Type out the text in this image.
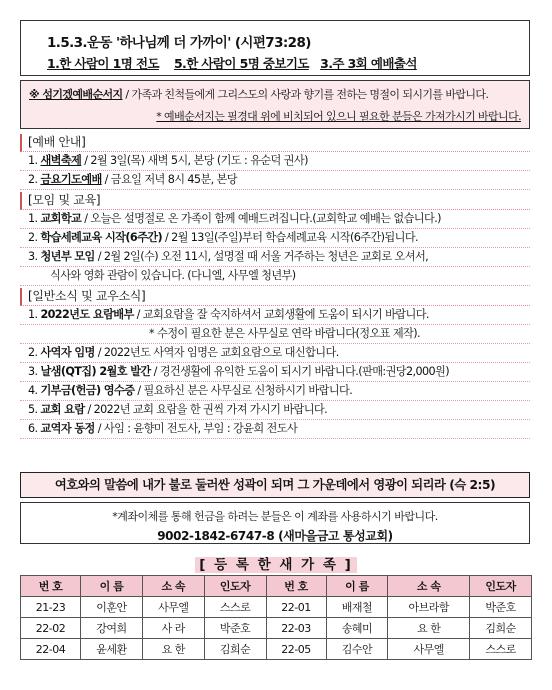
1.5.3.운동 '하나님께 더 가까이' (시편73:28)
1.한 사람이 1명 전도 5.한 사람이 5명 중보기도 3.주 3회 예배출석
※ 섬기겠예배순서지 / 가족과 친척들에게 그리스도의 사랑과 향기를 전하는 명절이 되시기를 바랍니다.
* 예배순서지는 필경대 위에 비치되어 있으니 필요한 분들은 가져가시기 바랍니다.
[예배 안내]
1. 새벽축제 / 2월 3일(목) 새벽 5시, 본당 (기도 : 유순덕 권사)
2. 금요기도예배 / 금요일 저녁 8시 45분, 본당
[모임 및 교육]
1. 교회학교 / 오늘은 설명절로 온 가족이 함께 예배드려집니다.(교회학교 예배는 없습니다.)
2. 학습세례교육 시작(6주간) / 2월 13일(주일)부터 학습세례교육 시작(6주간)됩니다.
3. 청년부 모임 / 2월 2일(수) 오전 11시, 설명절 때 서울 거주하는 청년은 교회로 오셔서,
식사와 영화 관람이 있습니다. (다니엘, 사무엘 청년부)
[일반소식 및 교우소식]
1. 2022년도 요람배부 / 교회요람을 잘 숙지하셔서 교회생활에 도움이 되시기 바랍니다.
* 수정이 필요한 분은 사무실로 연락 바랍니다(정오표 제작).
2. 사역자 임명 / 2022년도 사역자 임명은 교회요람으로 대신합니다.
3. 날샘(QT집) 2월호 발간 / 경건생활에 유익한 도움이 되시기 바랍니다.(판매:권당2,000원)
4. 기부금(헌금) 영수증 / 필요하신 분은 사무실로 신청하시기 바랍니다.
5. 교회 요람 / 2022년 교회 요람을 한 권씩 가져 가시기 바랍니다.
6. 교역자 동정 / 사임 : 윤향미 전도사, 부임 : 강윤희 전도사
여호와의 말씀에 내가 불로 둘러싼 성곽이 되며 그 가운데에서 영광이 되리라 (슥 2:5)
*계좌이체를 통해 헌금을 하려는 분들은 이 계좌를 사용하시기 바랍니다.
9002-1842-6747-8 (새마을금고 통성교회)
[ 등 록 한 새 가 족 ]
번 호	이 름	소 속	인도자	번 호	이 름	소 속	인도자
21-23	이훈안	사무엘	스스로	22-01	배재철	아브라함	박준호
22-02	강여희	사 라	박준호	22-03	송혜미	요 한	김희순
22-04	윤세환	요 한	김희순	22-05	김수안	사무엘	스스로
